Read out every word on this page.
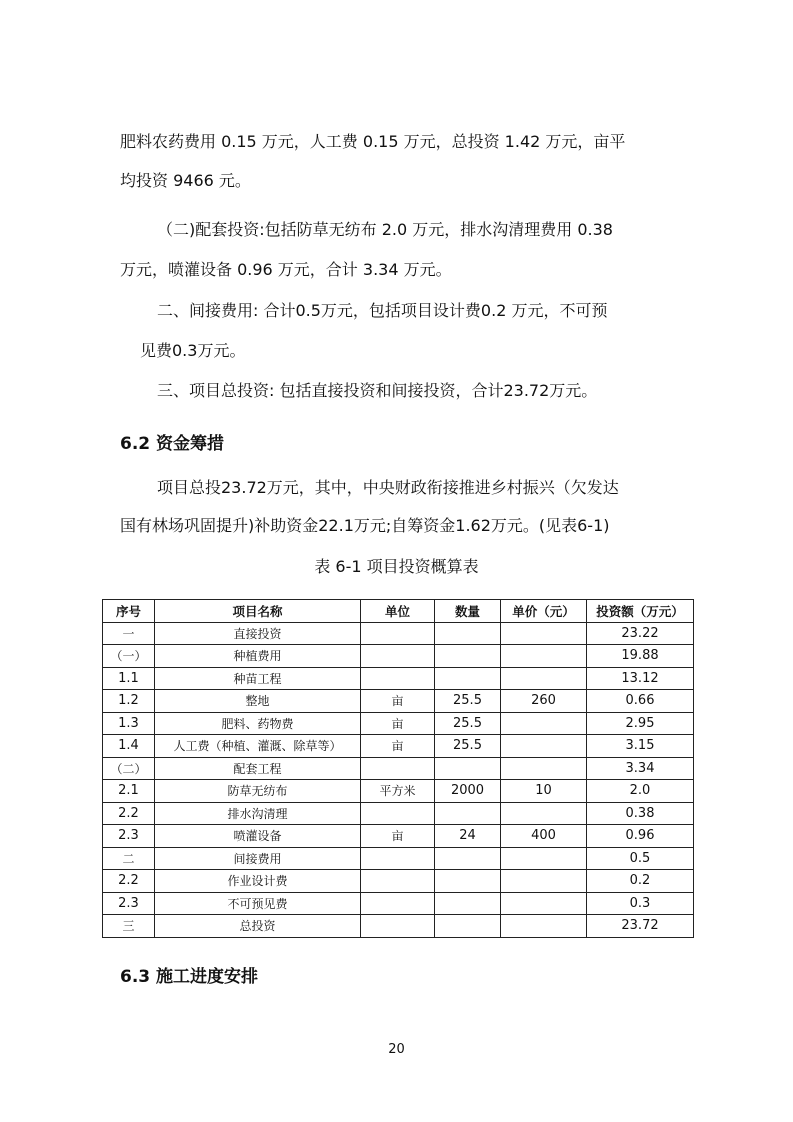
肥料农药费用 0.15 万元，人工费 0.15 万元，总投资 1.42 万元，亩平
均投资 9466 元。
（二)配套投资:包括防草无纺布 2.0 万元，排水沟清理费用 0.38
万元，喷灌设备 0.96 万元，合计 3.34 万元。
二、间接费用: 合计0.5万元，包括项目设计费0.2 万元，不可预
见费0.3万元。
三、项目总投资: 包括直接投资和间接投资，合计23.72万元。
6.2 资金筹措
项目总投23.72万元，其中，中央财政衔接推进乡村振兴（欠发达
国有林场巩固提升)补助资金22.1万元;自筹资金1.62万元。(见表6-1)
表 6-1 项目投资概算表
序号	项目名称	单位	数量	单价（元）	投资额（万元）
一	直接投资				23.22
（一）	种植费用				19.88
1.1	种苗工程				13.12
1.2	整地	亩	25.5	260	0.66
1.3	肥料、药物费	亩	25.5		2.95
1.4	人工费（种植、灌溉、除草等）	亩	25.5		3.15
（二）	配套工程				3.34
2.1	防草无纺布	平方米	2000	10	2.0
2.2	排水沟清理				0.38
2.3	喷灌设备	亩	24	400	0.96
二	间接费用				0.5
2.2	作业设计费				0.2
2.3	不可预见费				0.3
三	总投资				23.72
6.3 施工进度安排
20
